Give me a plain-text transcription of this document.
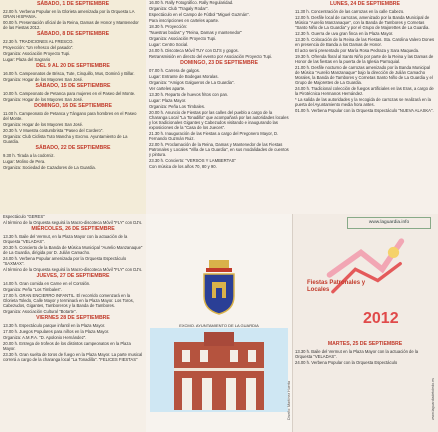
SÁBADO, 1 DE SEPTIEMBRE
22.00 h. Verbena Popular en la Glorieta amenizada por la Orquesta LA GRAN HISPANIA.
00.00 h. Presentación oficial de la Reina, Damas de Honor y Mantenedor de las Fiestas 2012.
SÁBADO, 8 DE SEPTIEMBRE
22.30 h. TRADICIONES AL FRESCO.
Proyección: "Un refresco del pasado".
Organiza: Asociación Proyecto Tupi.
Lugar: Plaza del Sagrario
DEL 9 AL 20 DE SEPTIEMBRE
16.00 h. Campeonatos de Brisca, Tute, Cinquillo, Mus, Dominó y Billar.
Organiza: Hogar de los Mayores San José.
SÁBADO, 15 DE SEPTIEMBRE
10.00 h. Campeonato de Petanca para mujeres en el Paseo del Monte.
Organiza: Hogar de los Mayores San José.
DOMINGO, 16 DE SEPTIEMBRE
11.00 h. Campeonato de Petanca y Tángano para hombres en el Paseo del Monte.
Organiza: Hogar de los Mayores San José.
20.30 h. V Muestra costumbrista "Paseo del Cordero".
Organiza: Club Ciclista Tuto Mancha y Excmo. Ayuntamiento de La Guardia.
SÁBADO, 22 DE SEPTIEMBRE
9.30 h. Tirada a la codorniz.
Lugar: Molino de Pera.
Organiza: Sociedad de Cazadores de La Guardia.
16.00 h. Rally Fotográfico. Rally Regularidad.
Organiza: Club "Tragaly Rodar".
Espectáculo en el Campo de Fútbol "Miguel Guzmán".
Para inscripciones en carteles aparte.
18.30 h. Proyección:
"Nuestras bodas" y "Reina, Damas y mantenedor"
Organiza: Asociación Proyecto Tupi.
Lugar: Centro Social.
24.00 h. Discoteca Móvil TUY con DJ'S y gogos.
Retransmisión en directo del evento por Asociación Proyecto Tupi.
DOMINGO, 23 DE SEPTIEMBRE
07.00 h. Carrera de galgos.
Lugar: Entrante de Bodegas Moralas.
Organiza: "Amigos Galgueros de La Guardia".
Ver carteles aparte.
13.30 h. Reparto de huevos fritos con pan.
Lugar: Plaza Mayor.
Organiza: Peña Los Timbales.
20.00 h. Anuncio de Fiestas por las calles del pueblo a cargo de la Charanga Local "La Tonadilla" que acompañará por las autoridades locales y los tradicionales Gigantes y Cabezudos visitando e inaugurando las exposiciones de la "Casa de los Jueces".
21.30 h. Inauguración de las Fiestas a cargo del Pregonero Mayor, D. Fernando Guzmán Ruiz.
22.00 h. Proclamación de la Reina, Damas y Mantenedor de las Fiestas Patronales y Locales "Villa de La Guardia", en sus modalidades de cuentos y pintura.
23.30 h. Concierto: "VERSOS Y LAMBERTAS"
Con música de los años 70, 80 y 90.
LUNES, 24 DE SEPTIEMBRE
11.30 h. Concentración de las carrozas en la calle Cabezo.
12.00 h. Desfile local de carrozas, amenizado por la Banda Municipal de Música "Aurelio Manzanaque", con la Banda de Tambores y Cornetas "Santo Niño de La Guardia" y por el Grupo de Majorettes de La Guardia.
12.30 h. Guerra de uva gran finca en la Plaza Mayor.
13.30 h. Colocación de la Reina de las Fiestas. Sta. Carolina Valero Dones en presencia de Banda a los Damas de Honor.
El acto será presentado por María Rosa Pedraza y Sara Maqueda.
19.30 h. Ofrenda floral al Santo Niño por parte de la Reina y las Damas de Honor de las fiestas en la puerta de la Iglesia Parroquial.
21.00 h. Desfile nocturno de carrozas amenizado por la Banda Municipal de Música "Aurelio Manzanaque" bajo la dirección de Julián Camacho Morales, la Banda de Tambores y Cornetas Santo Niño de La Guardia y el Grupo de Majorettes de La Guardia.
24.00 h. Tradicional colección de fuegos artificiales en las Eras, a cargo de la Pirotécnica Hermanos Hernández.
* La salida de las autoridades y la recogida de carrozas se realizará en la puerta del Ayuntamiento media hora antes.
01.00 h. Verbena Popular con la Orquesta Espectáculo "NUEVA ALASKA".
Espectáculo "GERES"
Al término de la Orquesta seguirá la Macro-discoteca Móvil "FLY" con DJ's.
MIÉRCOLES, 26 DE SEPTIEMBRE
13.30 h. Baile del Vermut, en la Plaza Mayor con la actuación de la Orquesta "VELADAS".
20.30 h. Concierto de la Banda de Música Municipal "Aurelio Manzanaque" de La Guardia, dirigida por D. Julián Camacho.
24.00 h. Verbena Popular amenizada por la Orquesta Espectáculo "SAXMAX".
Al término de la Orquesta seguirá la Macro-discoteca Móvil "FLY" con DJ's.
JUEVES, 27 DE SEPTIEMBRE
14.00 h. Gran comida en Carne en el Corralón.
Organiza: Peña "Los Timbales".
17.00 h. GRAN ENCIERRO INFANTIL. El recorrido comenzará en la Glorieta Toledo, Calle Mayor y terminará en la Plaza Mayor. Los Toros, Cabezudos, Gigantes, Tamboreros y la Banda de Tambores.
Organiza: Asociación Cultural "Botarte".
VIERNES 28 DE SEPTIEMBRE
13.30 h. Espectáculo parque infantil en la Plaza Mayor.
17.00 h. Juegos Populares para niños en la Plaza Mayor.
Organiza: A.M.P.A. "D. Apolonio Hernández".
20.00 h. Entrega de trofeos de los distintos campeonatos en la Plaza Mayor.
23.30 h. Gran suelta de toros de fuego en la Plaza Mayor. La parte musical correrá a cargo de la charanga local "La Tonadilla". "FELICES FIESTAS"
MARTES, 25 DE SEPTIEMBRE
13.30 h. Baile del Vermut en la Plaza Mayor con la actuación de la Orquesta "VELADAS".
24.00 h. Verbena Popular con la Orquesta Espectáculo
EXCMO. AYUNTAMIENTO DE LA GUARDIA
Diseño: Martínez Huerta	www.laguardiadetoledo.es
www.laguardia.info
Fiestas Patronales y Locales
2012
